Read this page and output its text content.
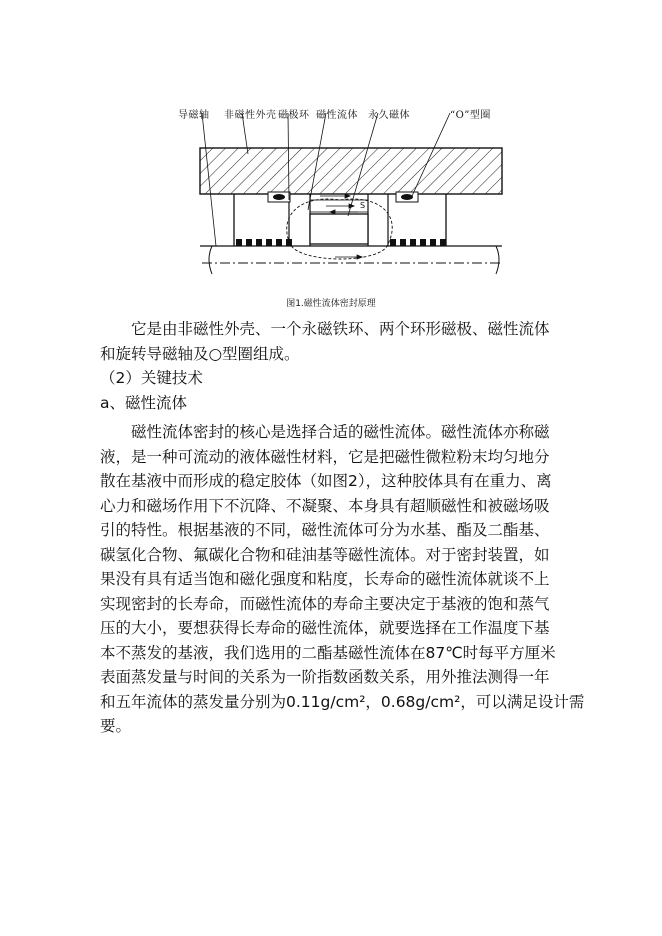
S
导磁轴 非磁性外壳 磁极环 磁性流体 永久磁体	“O”型圈
图1.磁性流体密封原理

它是由非磁性外壳、一个永磁铁环、两个环形磁极、磁性流体

和旋转导磁轴及○型圈组成。

（2）关键技术

a、磁性流体

磁性流体密封的核心是选择合适的磁性流体。磁性流体亦称磁

液，是一种可流动的液体磁性材料，它是把磁性微粒粉末均匀地分

散在基液中而形成的稳定胶体（如图2），这种胶体具有在重力、离

心力和磁场作用下不沉降、不凝聚、本身具有超顺磁性和被磁场吸

引的特性。根据基液的不同，磁性流体可分为水基、酯及二酯基、

碳氢化合物、氟碳化合物和硅油基等磁性流体。对于密封装置，如

果没有具有适当饱和磁化强度和粘度，长寿命的磁性流体就谈不上

实现密封的长寿命，而磁性流体的寿命主要决定于基液的饱和蒸气

压的大小，要想获得长寿命的磁性流体，就要选择在工作温度下基

本不蒸发的基液，我们选用的二酯基磁性流体在87℃时每平方厘米

表面蒸发量与时间的关系为一阶指数函数关系，用外推法测得一年

和五年流体的蒸发量分别为0.11g/cm²，0.68g/cm²，可以满足设计需

要。
